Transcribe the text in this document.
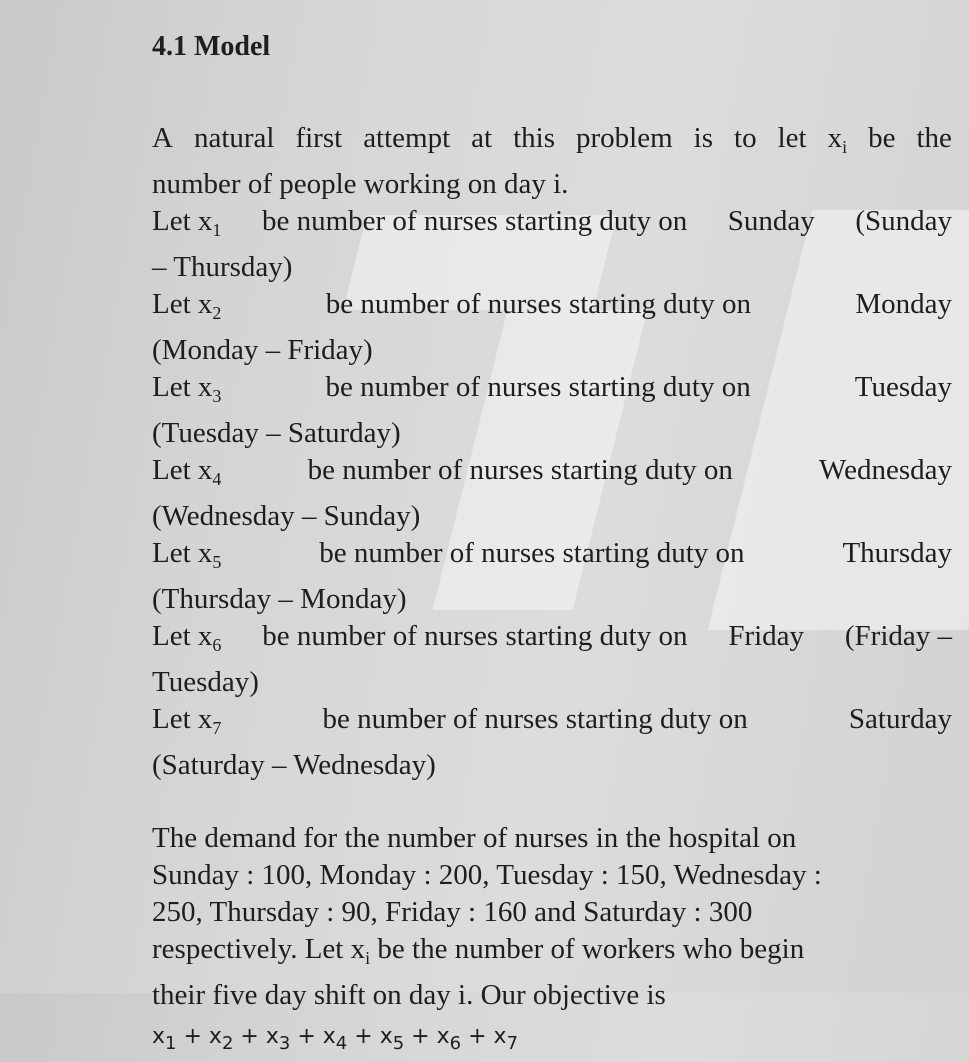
4.1 Model
A natural first attempt at this problem is to let $x_i$ be the
number of people working on day i.
Let $x_1$ be number of nurses starting duty on Sunday (Sunday
– Thursday)
Let $x_2$	be number of nurses starting duty on	Monday
(Monday – Friday)
Let $x_3$	be number of nurses starting duty on	Tuesday
(Tuesday – Saturday)
Let $x_4$	be number of nurses starting duty on	Wednesday
(Wednesday – Sunday)
Let $x_5$	be number of nurses starting duty on	Thursday
(Thursday – Monday)
Let $x_6$ be number of nurses starting duty on Friday (Friday –
Tuesday)
Let $x_7$	be number of nurses starting duty on	Saturday
(Saturday – Wednesday)
The demand for the number of nurses in the hospital on
Sunday : 100, Monday : 200, Tuesday : 150, Wednesday :
250, Thursday : 90, Friday : 160 and Saturday : 300
respectively. Let $x_i$ be the number of workers who begin
their five day shift on day i. Our objective is
$x_1 + x_2 + x_3 + x_4 + x_5 + x_6 + x_7$
